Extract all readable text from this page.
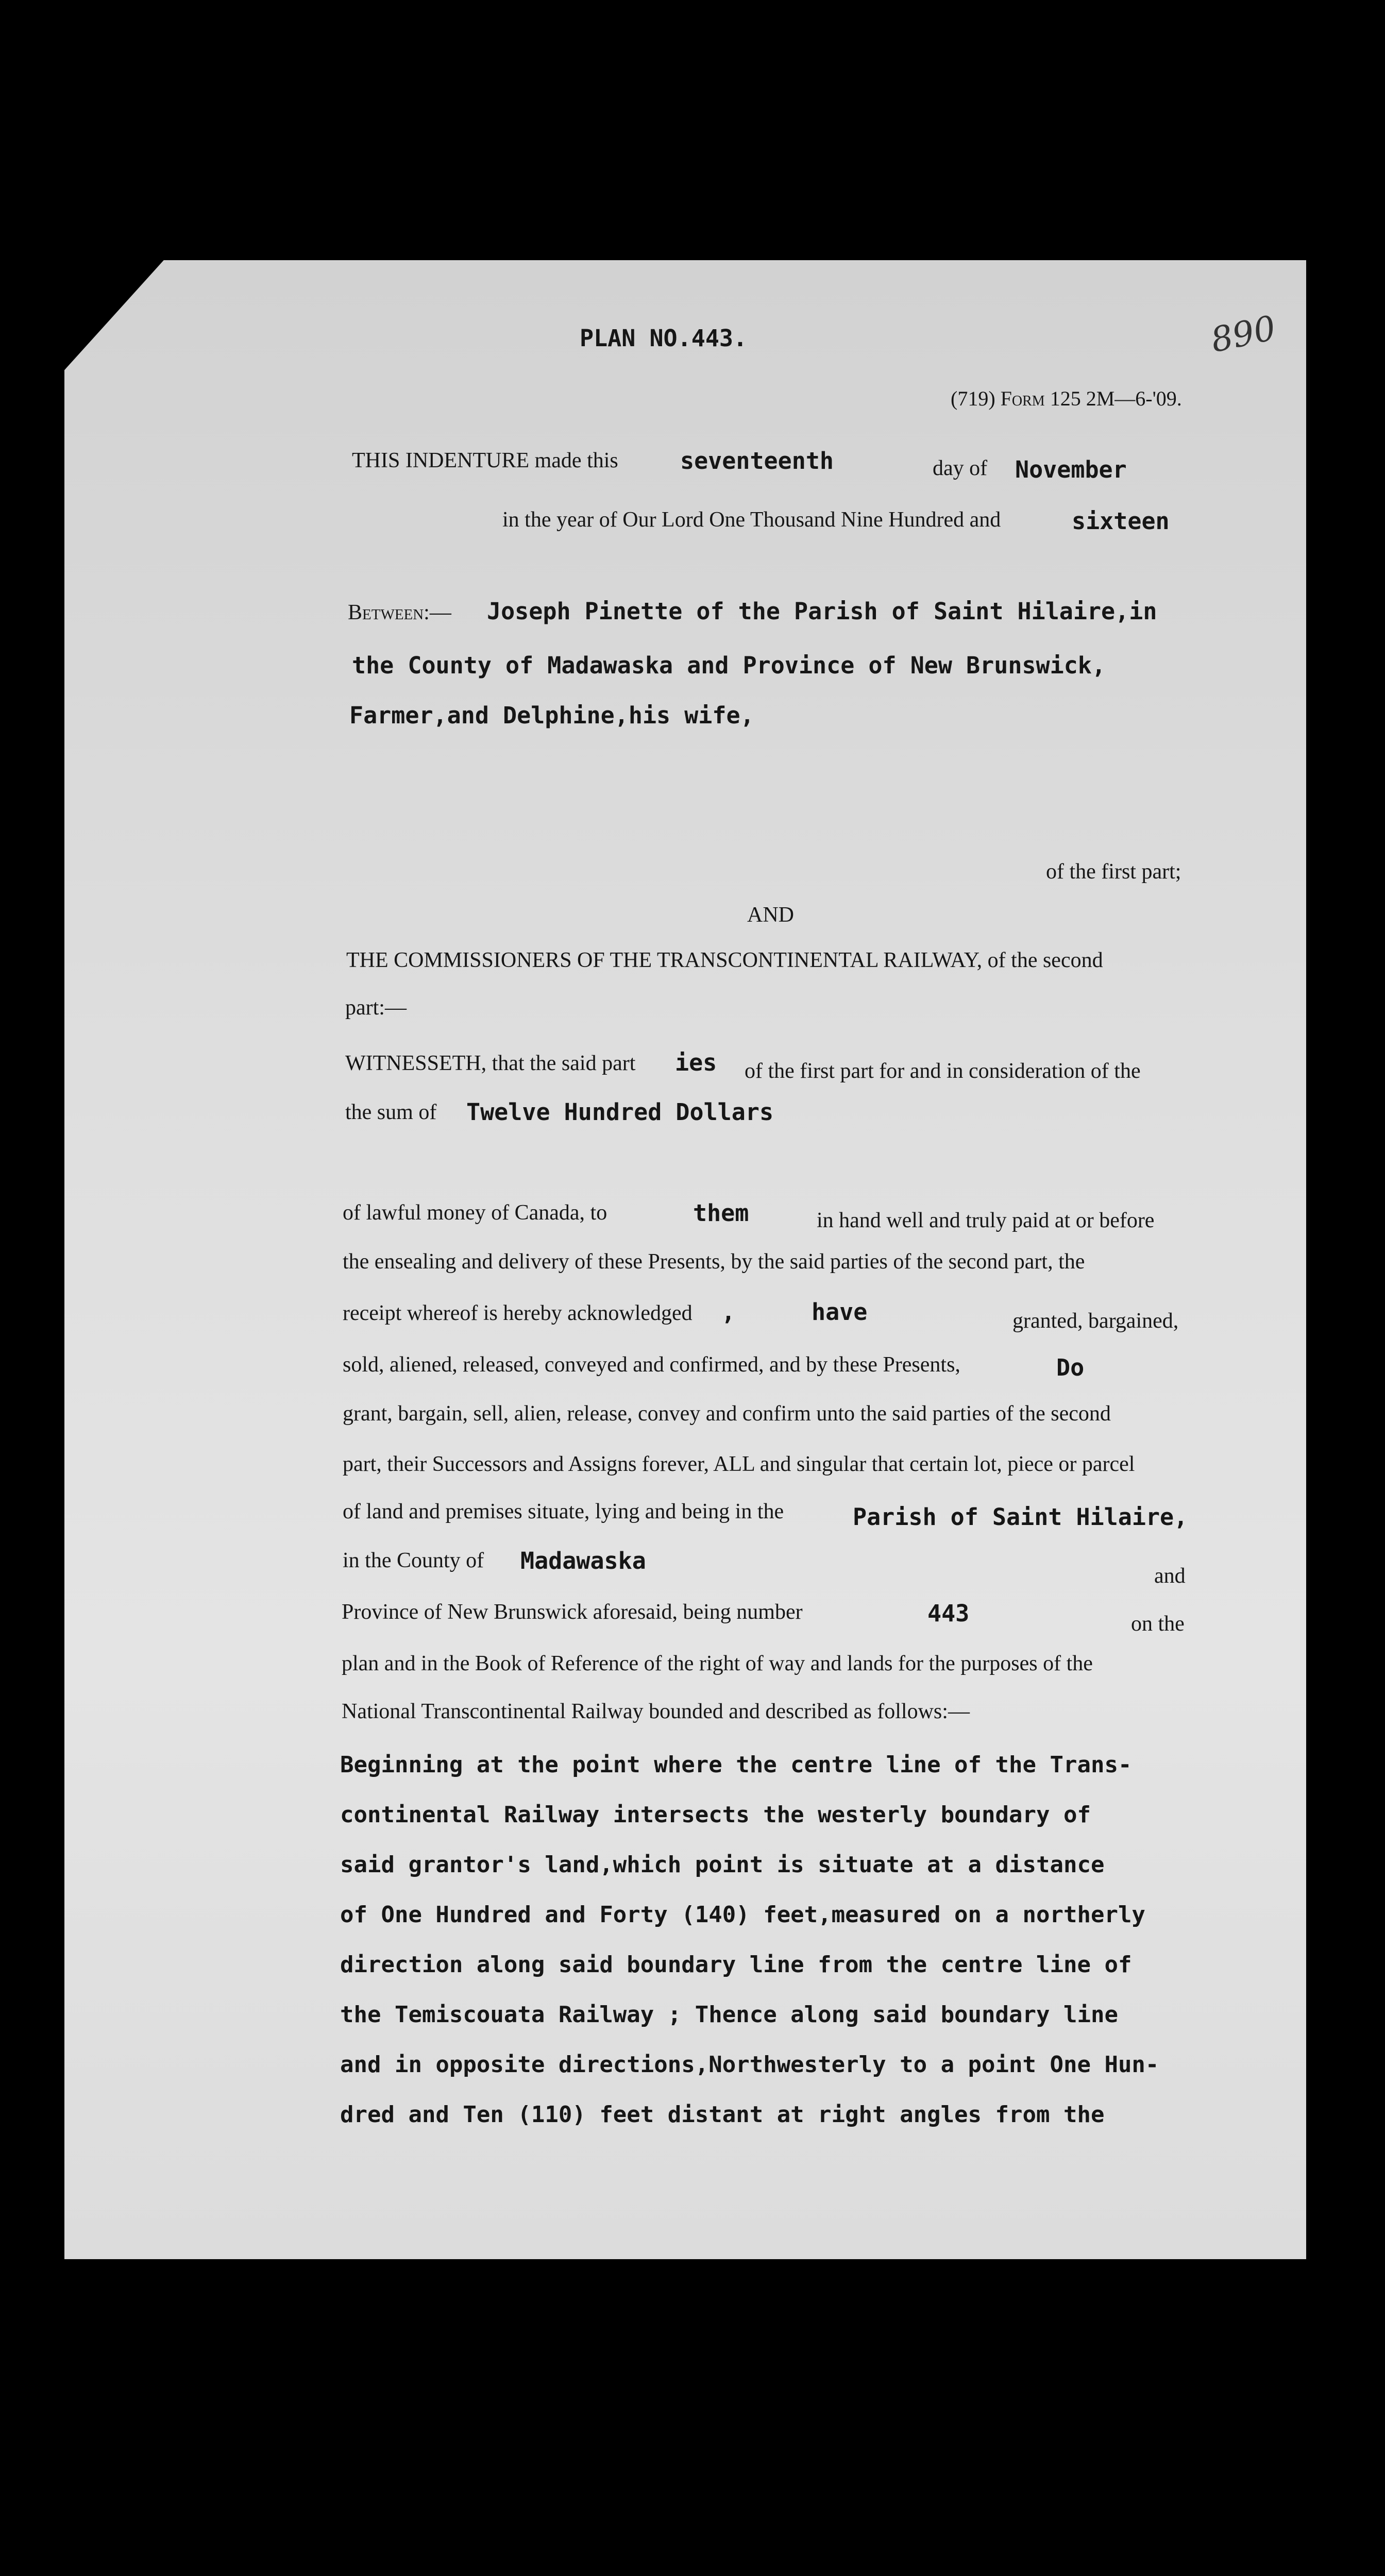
PLAN NO.443.	890
(719) Form 125 2M—6-'09.
THIS INDENTURE made this	seventeenth	day of November
in the year of Our Lord One Thousand Nine Hundred and	sixteen
Between:— Joseph Pinette of the Parish of Saint Hilaire,in
the County of Madawaska and Province of New Brunswick,
Farmer,and Delphine,his wife,
of the first part;
AND
THE COMMISSIONERS OF THE TRANSCONTINENTAL RAILWAY, of the second
part:—
WITNESSETH, that the said part ies of the first part for and in consideration of the
the sum of Twelve Hundred Dollars
of lawful money of Canada, to	them	in hand well and truly paid at or before
the ensealing and delivery of these Presents, by the said parties of the second part, the
receipt whereof is hereby acknowledged ,	have	granted, bargained,
sold, aliened, released, conveyed and confirmed, and by these Presents,	Do
grant, bargain, sell, alien, release, convey and confirm unto the said parties of the second
part, their Successors and Assigns forever, ALL and singular that certain lot, piece or parcel
of land and premises situate, lying and being in the	Parish of Saint Hilaire,
in the County of Madawaska
and
Province of New Brunswick aforesaid, being number	443	on the
plan and in the Book of Reference of the right of way and lands for the purposes of the
National Transcontinental Railway bounded and described as follows:—
Beginning at the point where the centre line of the Trans-
continental Railway intersects the westerly boundary of
said grantor's land,which point is situate at a distance
of One Hundred and Forty (140) feet,measured on a northerly
direction along said boundary line from the centre line of
the Temiscouata Railway ; Thence along said boundary line
and in opposite directions,Northwesterly to a point One Hun-
dred and Ten (110) feet distant at right angles from the
